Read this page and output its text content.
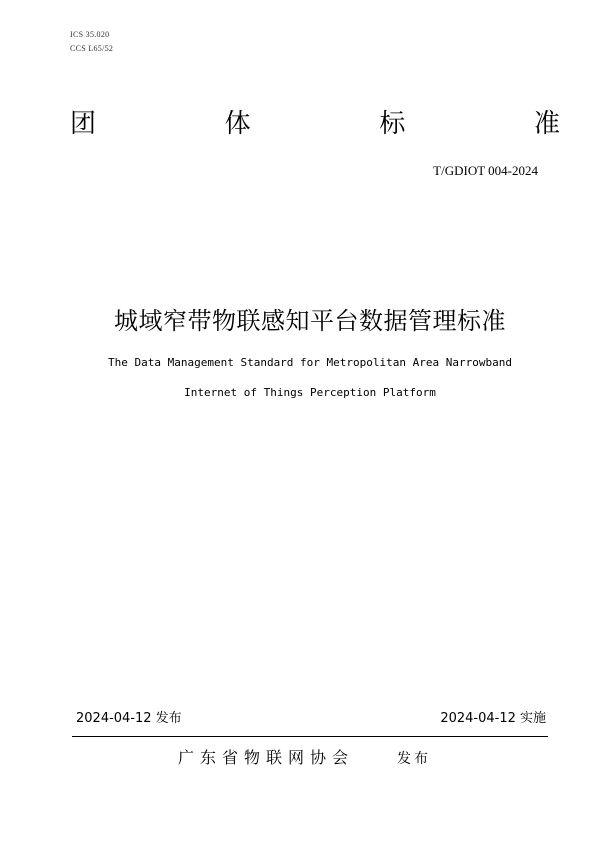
ICS 35.020
CCS L65/52
团	体	标	准
T/GDIOT 004-2024
城域窄带物联感知平台数据管理标准
The Data Management Standard for Metropolitan Area Narrowband
Internet of Things Perception Platform
2024-04-12 发布	2024-04-12 实施
广东省物联网协会	发布
